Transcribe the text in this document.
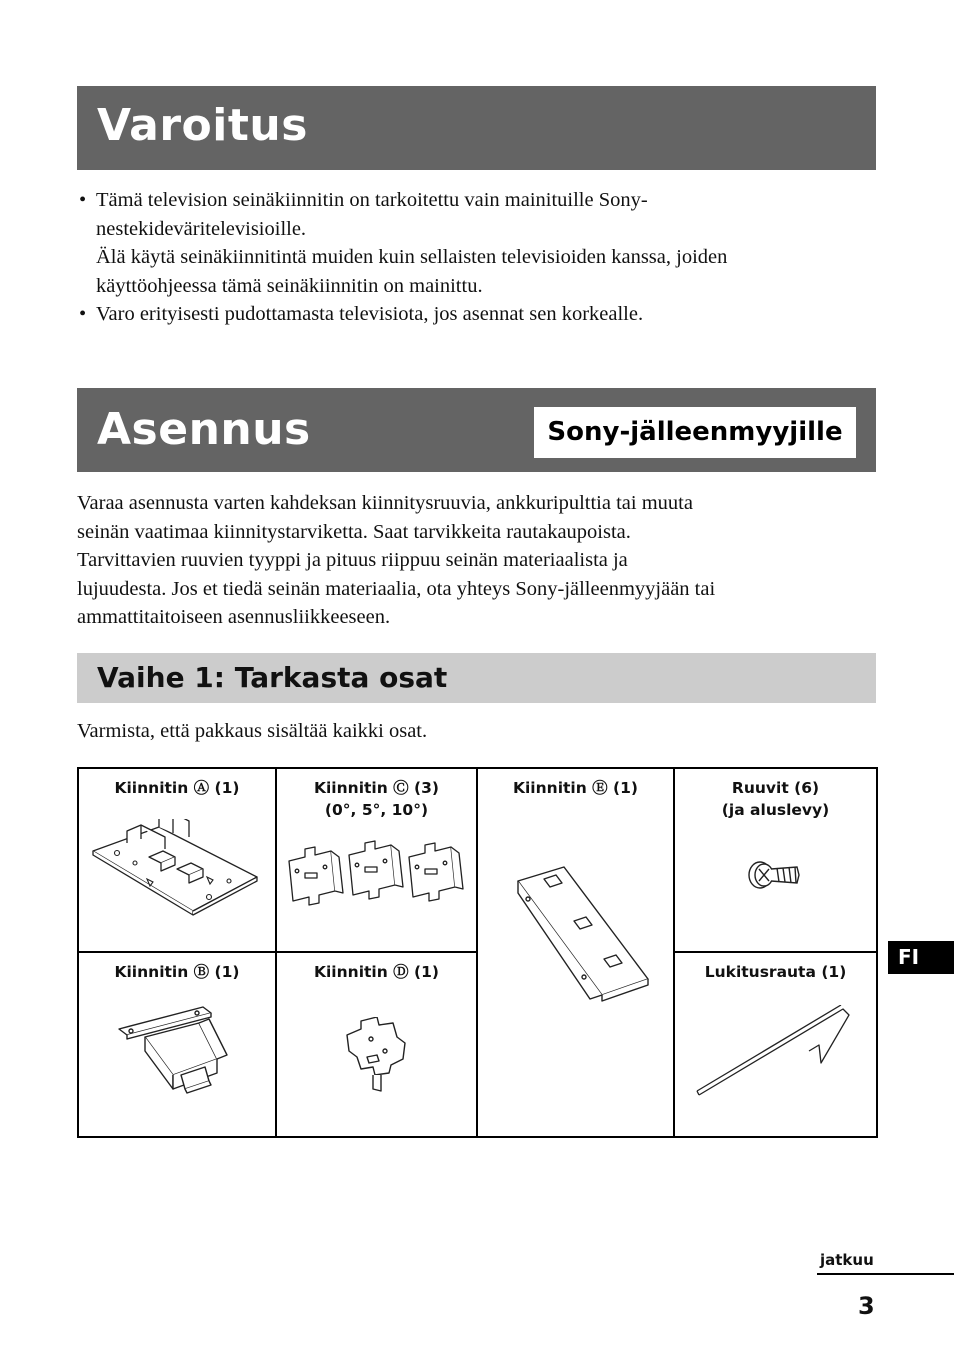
Varoitus
• Tämä television seinäkiinnitin on tarkoitettu vain mainituille Sony-
nestekideväritelevisioille.
Älä käytä seinäkiinnitintä muiden kuin sellaisten televisioiden kanssa, joiden
käyttöohjeessa tämä seinäkiinnitin on mainittu.
• Varo erityisesti pudottamasta televisiota, jos asennat sen korkealle.
Asennus	Sony-jälleenmyyjille
Varaa asennusta varten kahdeksan kiinnitysruuvia, ankkuripulttia tai muuta
seinän vaatimaa kiinnitystarviketta. Saat tarvikkeita rautakaupoista.
Tarvittavien ruuvien tyyppi ja pituus riippuu seinän materiaalista ja
lujuudesta. Jos et tiedä seinän materiaalia, ota yhteys Sony-jälleenmyyjään tai
ammattitaitoiseen asennusliikkeeseen.
Vaihe 1: Tarkasta osat

Varmista, että pakkaus sisältää kaikki osat.

Kiinnitin Ⓐ (1)	Kiinnitin Ⓒ (3)
(0°, 5°, 10°)
Kiinnitin Ⓔ (1)	Ruuvit (6)
(ja aluslevy)
Kiinnitin Ⓑ (1)	Kiinnitin Ⓓ (1)	Lukitusrauta (1)
FI
jatkuu
3
